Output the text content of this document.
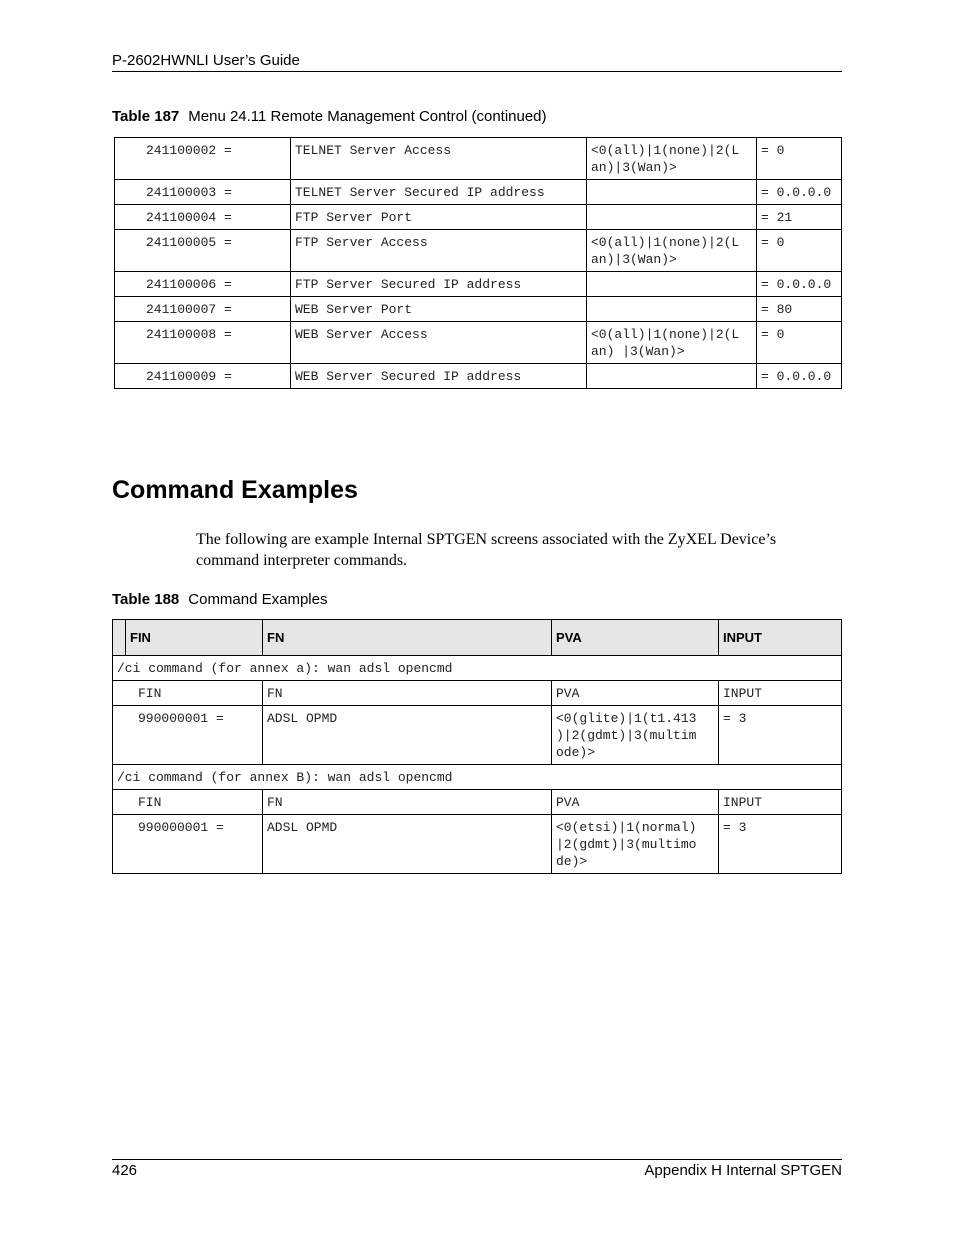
P-2602HWNLI User’s Guide
Table 187 Menu 24.11 Remote Management Control (continued)
241100002 =	TELNET Server Access	<0(all)|1(none)|2(L an)|3(Wan)>	= 0
241100003 =	TELNET Server Secured IP address		= 0.0.0.0
241100004 =	FTP Server Port		= 21
241100005 =	FTP Server Access	<0(all)|1(none)|2(L an)|3(Wan)>	= 0
241100006 =	FTP Server Secured IP address		= 0.0.0.0
241100007 =	WEB Server Port		= 80
241100008 =	WEB Server Access	<0(all)|1(none)|2(L an) |3(Wan)>	= 0
241100009 =	WEB Server Secured IP address		= 0.0.0.0
Command Examples
The following are example Internal SPTGEN screens associated with the ZyXEL Device’s command interpreter commands.
Table 188 Command Examples
	FIN	FN	PVA	INPUT
/ci command (for annex a): wan adsl opencmd				
FIN		FN	PVA	INPUT
990000001 =		ADSL OPMD	<0(glite)|1(t1.413 )|2(gdmt)|3(multim ode)>	= 3
/ci command (for annex B): wan adsl opencmd				
FIN		FN	PVA	INPUT
990000001 =		ADSL OPMD	<0(etsi)|1(normal) |2(gdmt)|3(multimo de)>	= 3
426	Appendix H Internal SPTGEN
